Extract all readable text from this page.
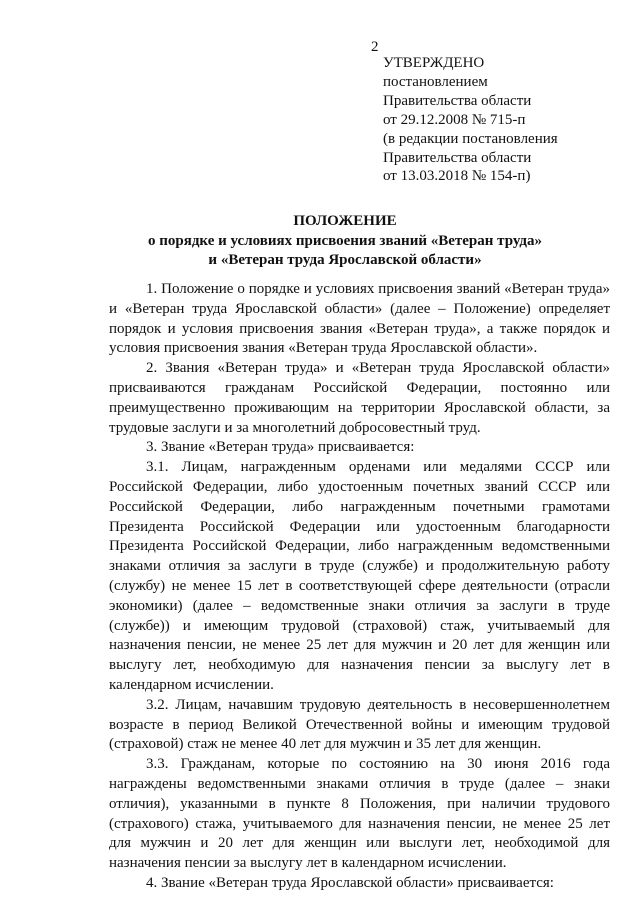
2
УТВЕРЖДЕНО
постановлением
Правительства области
от 29.12.2008 № 715-п
(в редакции постановления
Правительства области
от 13.03.2018 № 154-п)
ПОЛОЖЕНИЕ
о порядке и условиях присвоения званий «Ветеран труда»
и «Ветеран труда Ярославской области»

1. Положение о порядке и условиях присвоения званий «Ветеран труда» и «Ветеран труда Ярославской области» (далее – Положение) определяет порядок и условия присвоения звания «Ветеран труда», а также порядок и условия присвоения звания «Ветеран труда Ярославской области».

2. Звания «Ветеран труда» и «Ветеран труда Ярославской области» присваиваются гражданам Российской Федерации, постоянно или преимущественно проживающим на территории Ярославской области, за трудовые заслуги и за многолетний добросовестный труд.

3. Звание «Ветеран труда» присваивается:

3.1. Лицам, награжденным орденами или медалями СССР или Российской Федерации, либо удостоенным почетных званий СССР или Российской Федерации, либо награжденным почетными грамотами Президента Российской Федерации или удостоенным благодарности Президента Российской Федерации, либо награжденным ведомственными знаками отличия за заслуги в труде (службе) и продолжительную работу (службу) не менее 15 лет в соответствующей сфере деятельности (отрасли экономики) (далее – ведомственные знаки отличия за заслуги в труде (службе)) и имеющим трудовой (страховой) стаж, учитываемый для назначения пенсии, не менее 25 лет для мужчин и 20 лет для женщин или выслугу лет, необходимую для назначения пенсии за выслугу лет в календарном исчислении.

3.2. Лицам, начавшим трудовую деятельность в несовершеннолетнем возрасте в период Великой Отечественной войны и имеющим трудовой (страховой) стаж не менее 40 лет для мужчин и 35 лет для женщин.

3.3. Гражданам, которые по состоянию на 30 июня 2016 года награждены ведомственными знаками отличия в труде (далее – знаки отличия), указанными в пункте 8 Положения, при наличии трудового (страхового) стажа, учитываемого для назначения пенсии, не менее 25 лет для мужчин и 20 лет для женщин или выслуги лет, необходимой для назначения пенсии за выслугу лет в календарном исчислении.

4. Звание «Ветеран труда Ярославской области» присваивается:
